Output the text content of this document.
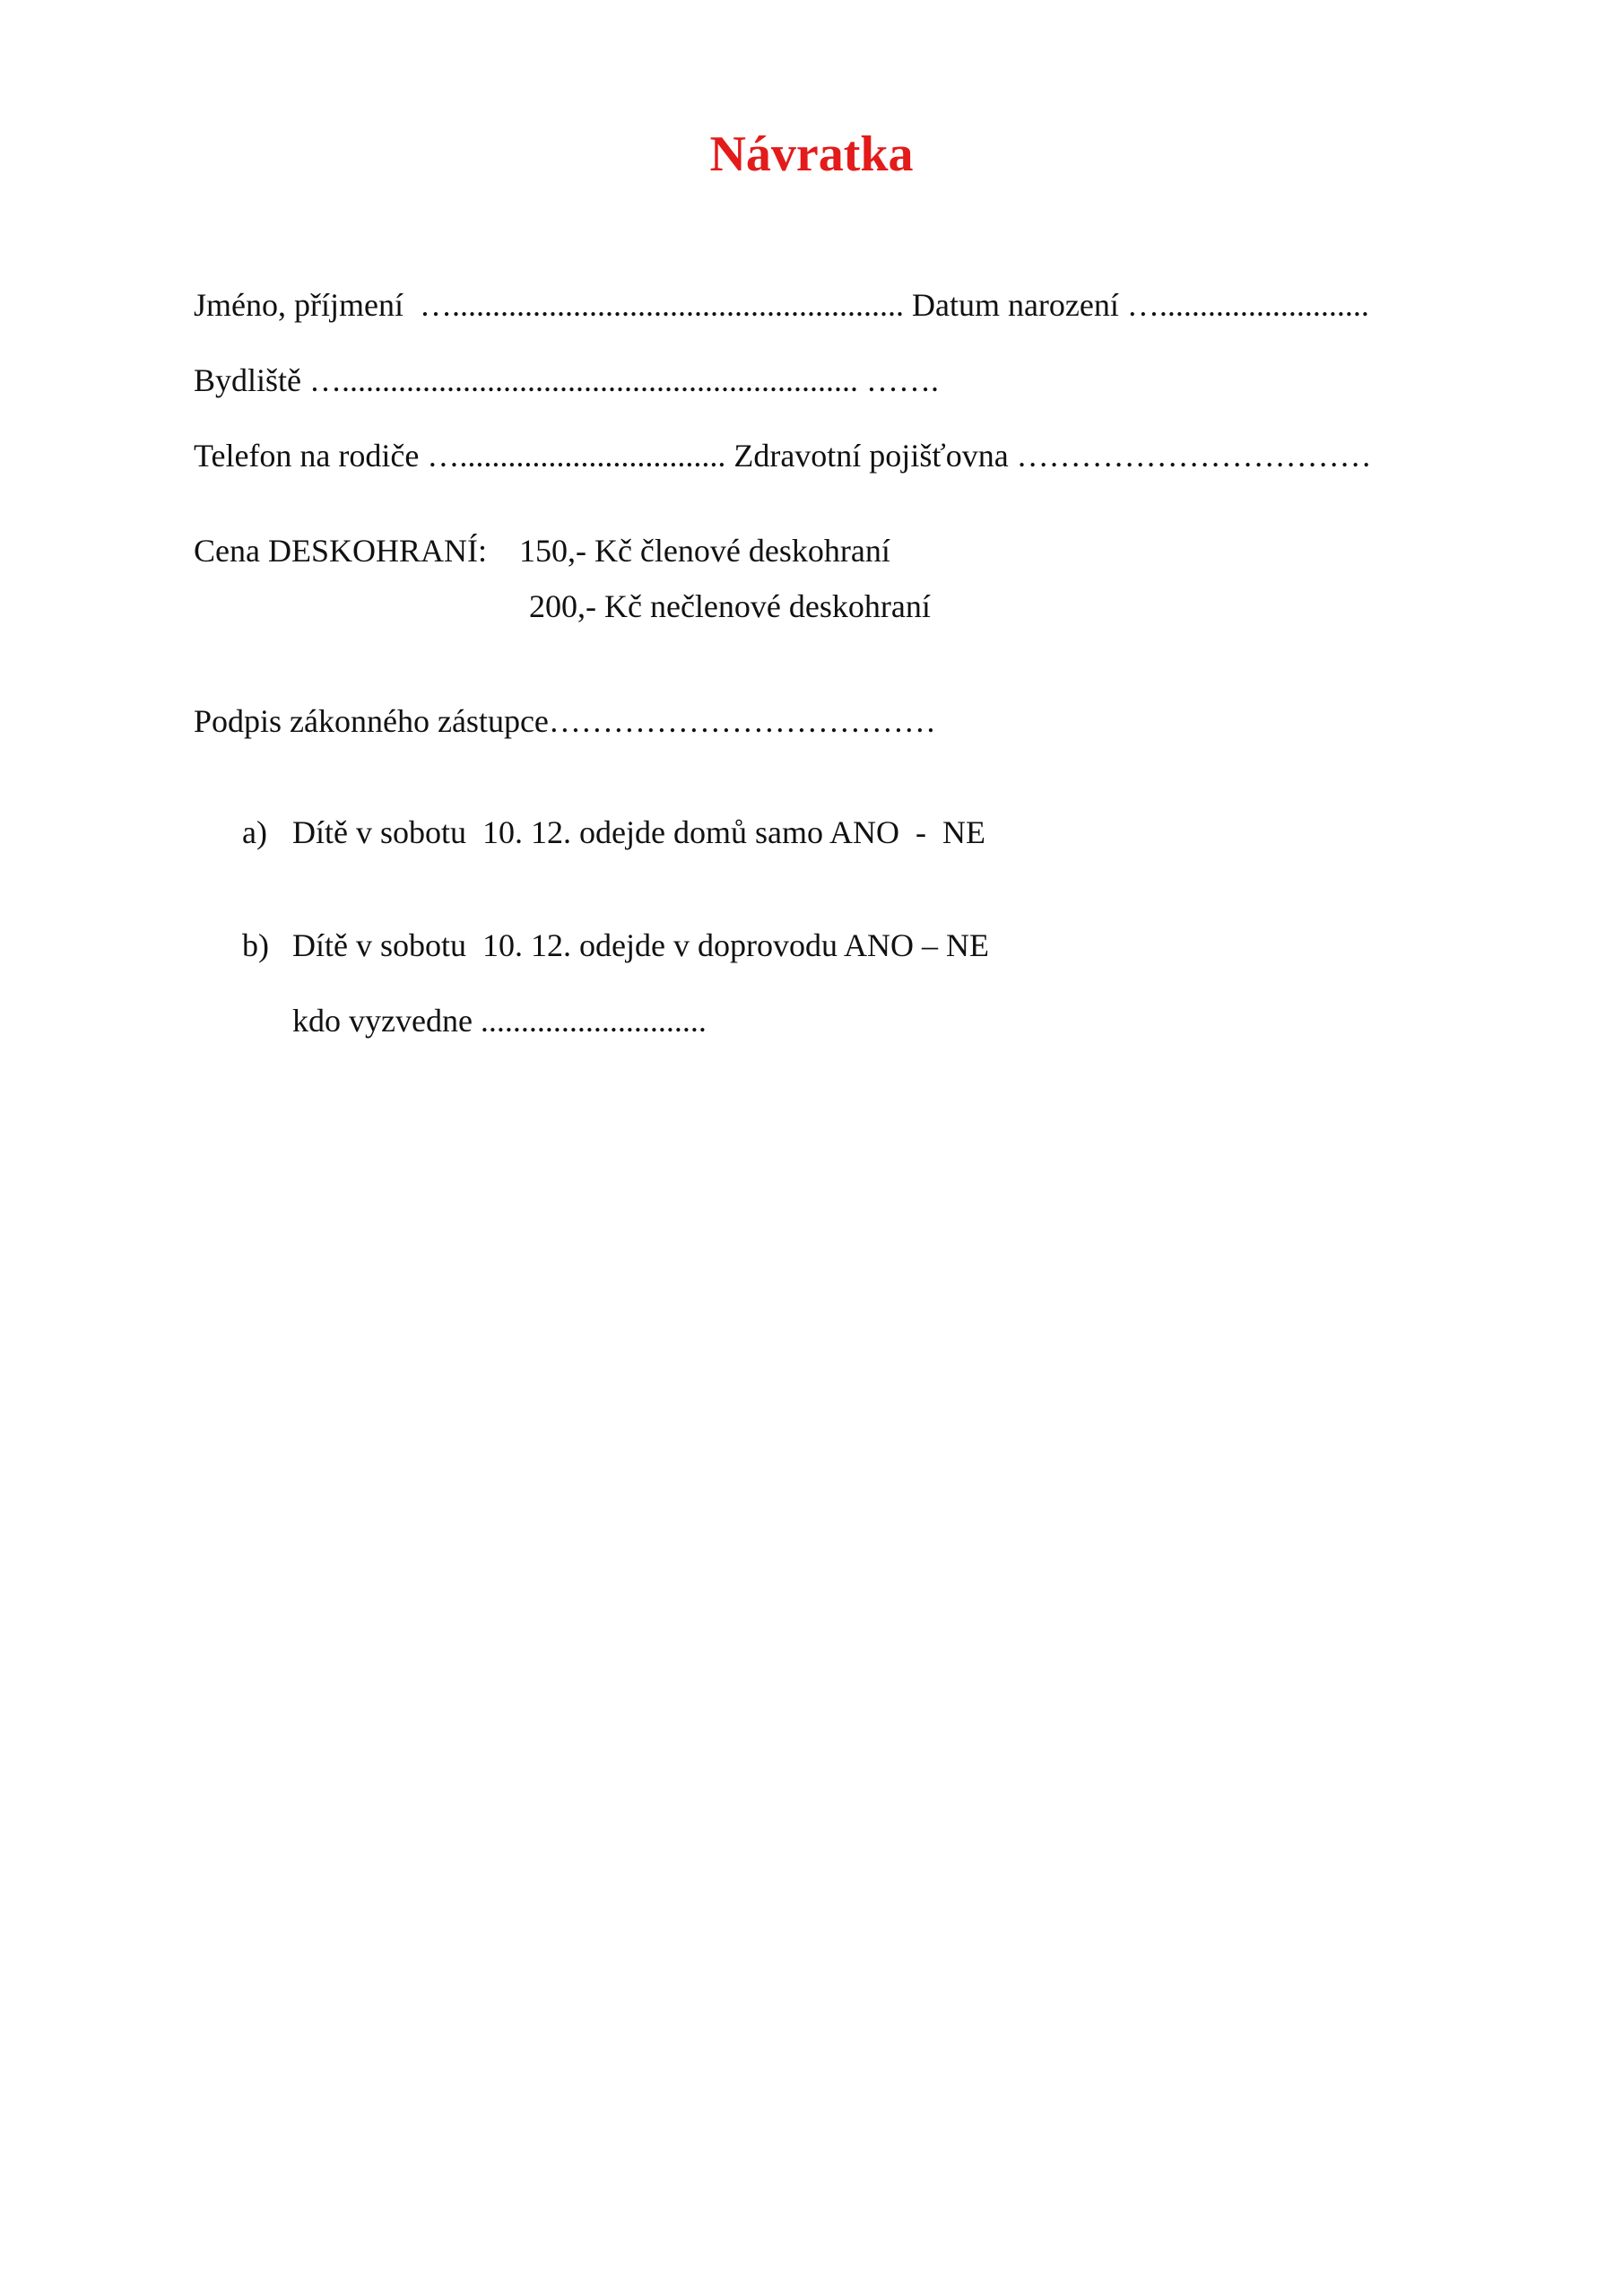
Návratka

Jméno, příjmení  …........................................................ Datum narození …..........................

Bydliště …................................................................ …….

Telefon na rodiče …................................. Zdravotní pojišťovna ……………………………

Cena DESKOHRANÍ:    150,- Kč členové deskohraní

200,- Kč nečlenové deskohraní

Podpis zákonného zástupce………………………………

a) Dítě v sobotu  10. 12. odejde domů samo ANO  -  NE
b) Dítě v sobotu  10. 12. odejde v doprovodu ANO – NE
kdo vyzvedne ............................
